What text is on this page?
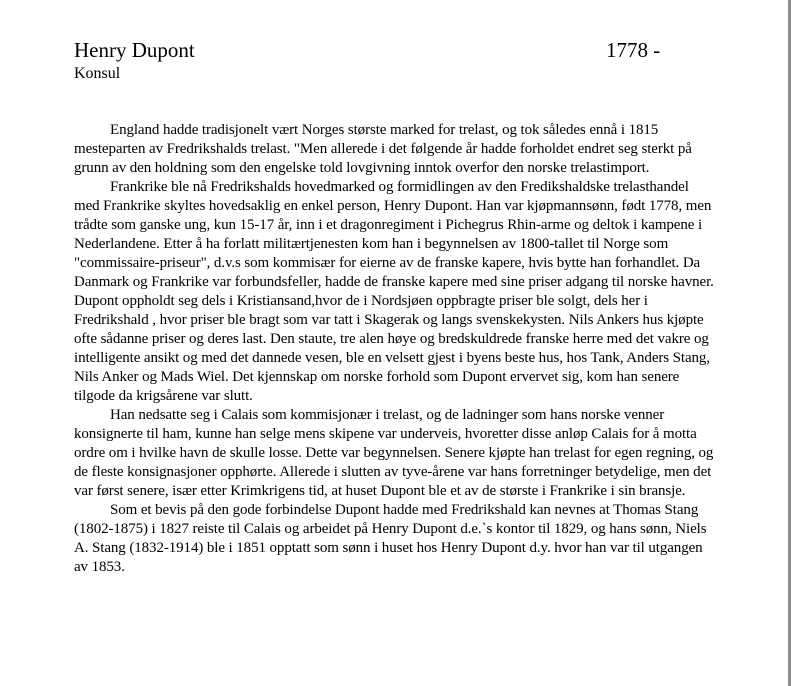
Henry Dupont	1778 -
Konsul

England hadde tradisjonelt vært Norges største marked for trelast, og tok således ennå i 1815 mesteparten av Fredrikshalds trelast. "Men allerede i det følgende år hadde forholdet endret seg sterkt på grunn av den holdning som den engelske told lovgivning inntok overfor den norske trelastimport.

Frankrike ble nå Fredrikshalds hovedmarked og formidlingen av den Fredikshaldske trelasthandel med Frankrike skyltes hovedsaklig en enkel person, Henry Dupont. Han var kjøpmannsønn, født 1778, men trådte som ganske ung, kun 15-17 år, inn i et dragonregiment i Pichegrus Rhin-arme og deltok i kampene i Nederlandene. Etter å ha forlatt militærtjenesten kom han i begynnelsen av 1800-tallet til Norge som "commissaire-priseur", d.v.s som kommisær for eierne av de franske kapere, hvis bytte han forhandlet. Da Danmark og Frankrike var forbundsfeller, hadde de franske kapere med sine priser adgang til norske havner. Dupont oppholdt seg dels i Kristiansand,hvor de i Nordsjøen oppbragte priser ble solgt, dels her i Fredrikshald , hvor priser ble bragt som var tatt i Skagerak og langs svenskekysten. Nils Ankers hus kjøpte ofte sådanne priser og deres last. Den staute, tre alen høye og bredskuldrede franske herre med det vakre og intelligente ansikt og med det dannede vesen, ble en velsett gjest i byens beste hus, hos Tank, Anders Stang, Nils Anker og Mads Wiel. Det kjennskap om norske forhold som Dupont ervervet sig, kom han senere tilgode da krigsårene var slutt.

Han nedsatte seg i Calais som kommisjonær i trelast, og de ladninger som hans norske venner konsignerte til ham, kunne han selge mens skipene var underveis, hvoretter disse anløp Calais for å motta ordre om i hvilke havn de skulle losse. Dette var begynnelsen. Senere kjøpte han trelast for egen regning, og de fleste konsignasjoner opphørte. Allerede i slutten av tyve-årene var hans forretninger betydelige, men det var først senere, især etter Krimkrigens tid, at huset Dupont ble et av de største i Frankrike i sin bransje.

Som et bevis på den gode forbindelse Dupont hadde med Fredrikshald kan nevnes at Thomas Stang (1802-1875) i 1827 reiste til Calais og arbeidet på Henry Dupont d.e.`s kontor til 1829, og hans sønn, Niels A. Stang (1832-1914) ble i 1851 opptatt som sønn i huset hos Henry Dupont d.y. hvor han var til utgangen av 1853.
